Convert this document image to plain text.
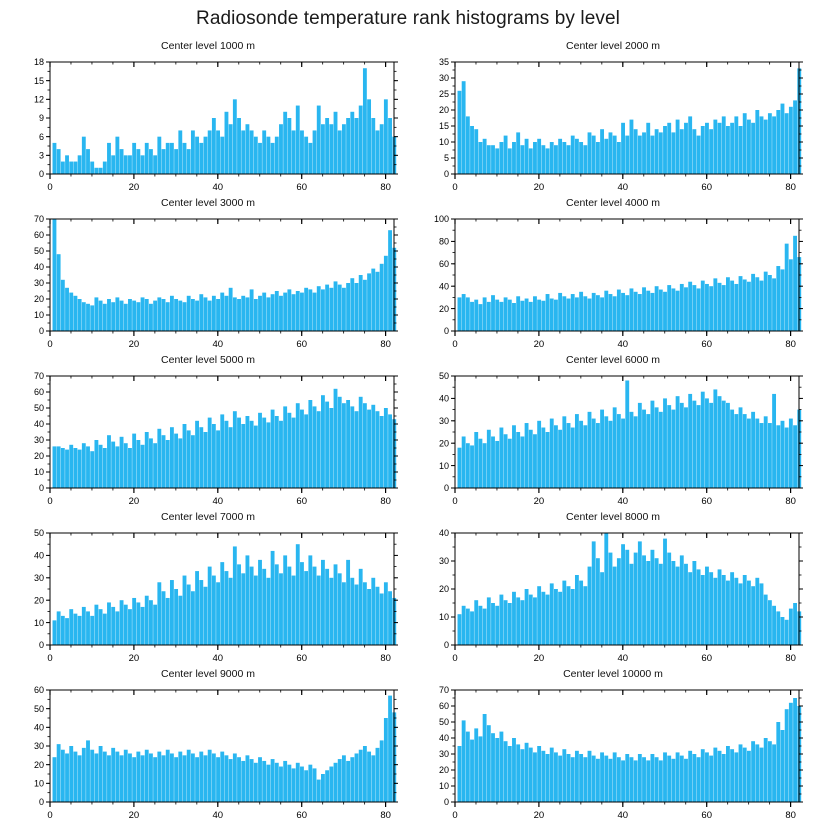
Radiosonde temperature rank histograms by level
Center level 1000 m
0
3
6
9
12
15
18
0	20	40	60	80
Center level 2000 m
0
5
10
15
20
25
30
35
0	20	40	60	80
Center level 3000 m
0
10
20
30
40
50
60
70
0	20	40	60	80
Center level 4000 m
0
20
40
60
80
100
0	20	40	60	80
Center level 5000 m
0
10
20
30
40
50
60
70
0	20	40	60	80
Center level 6000 m
0
10
20
30
40
50
0	20	40	60	80
Center level 7000 m
0
10
20
30
40
50
0	20	40	60	80
Center level 8000 m
0
10
20
30
40
0	20	40	60	80
Center level 9000 m
0
10
20
30
40
50
60
0	20	40	60	80
Center level 10000 m
0
10
20
30
40
50
60
70
0	20	40	60	80
